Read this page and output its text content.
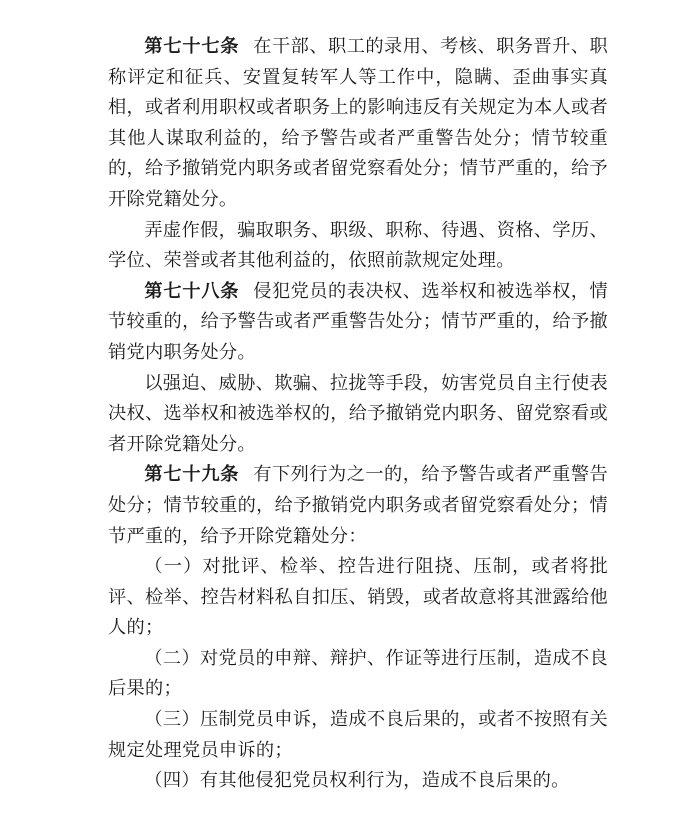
第七十七条 在干部、职工的录用、考核、职务晋升、职称评定和征兵、安置复转军人等工作中，隐瞒、歪曲事实真相，或者利用职权或者职务上的影响违反有关规定为本人或者其他人谋取利益的，给予警告或者严重警告处分；情节较重的，给予撤销党内职务或者留党察看处分；情节严重的，给予开除党籍处分。

弄虚作假，骗取职务、职级、职称、待遇、资格、学历、学位、荣誉或者其他利益的，依照前款规定处理。

第七十八条 侵犯党员的表决权、选举权和被选举权，情节较重的，给予警告或者严重警告处分；情节严重的，给予撤销党内职务处分。

以强迫、威胁、欺骗、拉拢等手段，妨害党员自主行使表决权、选举权和被选举权的，给予撤销党内职务、留党察看或者开除党籍处分。

第七十九条 有下列行为之一的，给予警告或者严重警告处分；情节较重的，给予撤销党内职务或者留党察看处分；情节严重的，给予开除党籍处分：

（一）对批评、检举、控告进行阻挠、压制，或者将批评、检举、控告材料私自扣压、销毁，或者故意将其泄露给他人的；

（二）对党员的申辩、辩护、作证等进行压制，造成不良后果的；

（三）压制党员申诉，造成不良后果的，或者不按照有关规定处理党员申诉的；

（四）有其他侵犯党员权利行为，造成不良后果的。
